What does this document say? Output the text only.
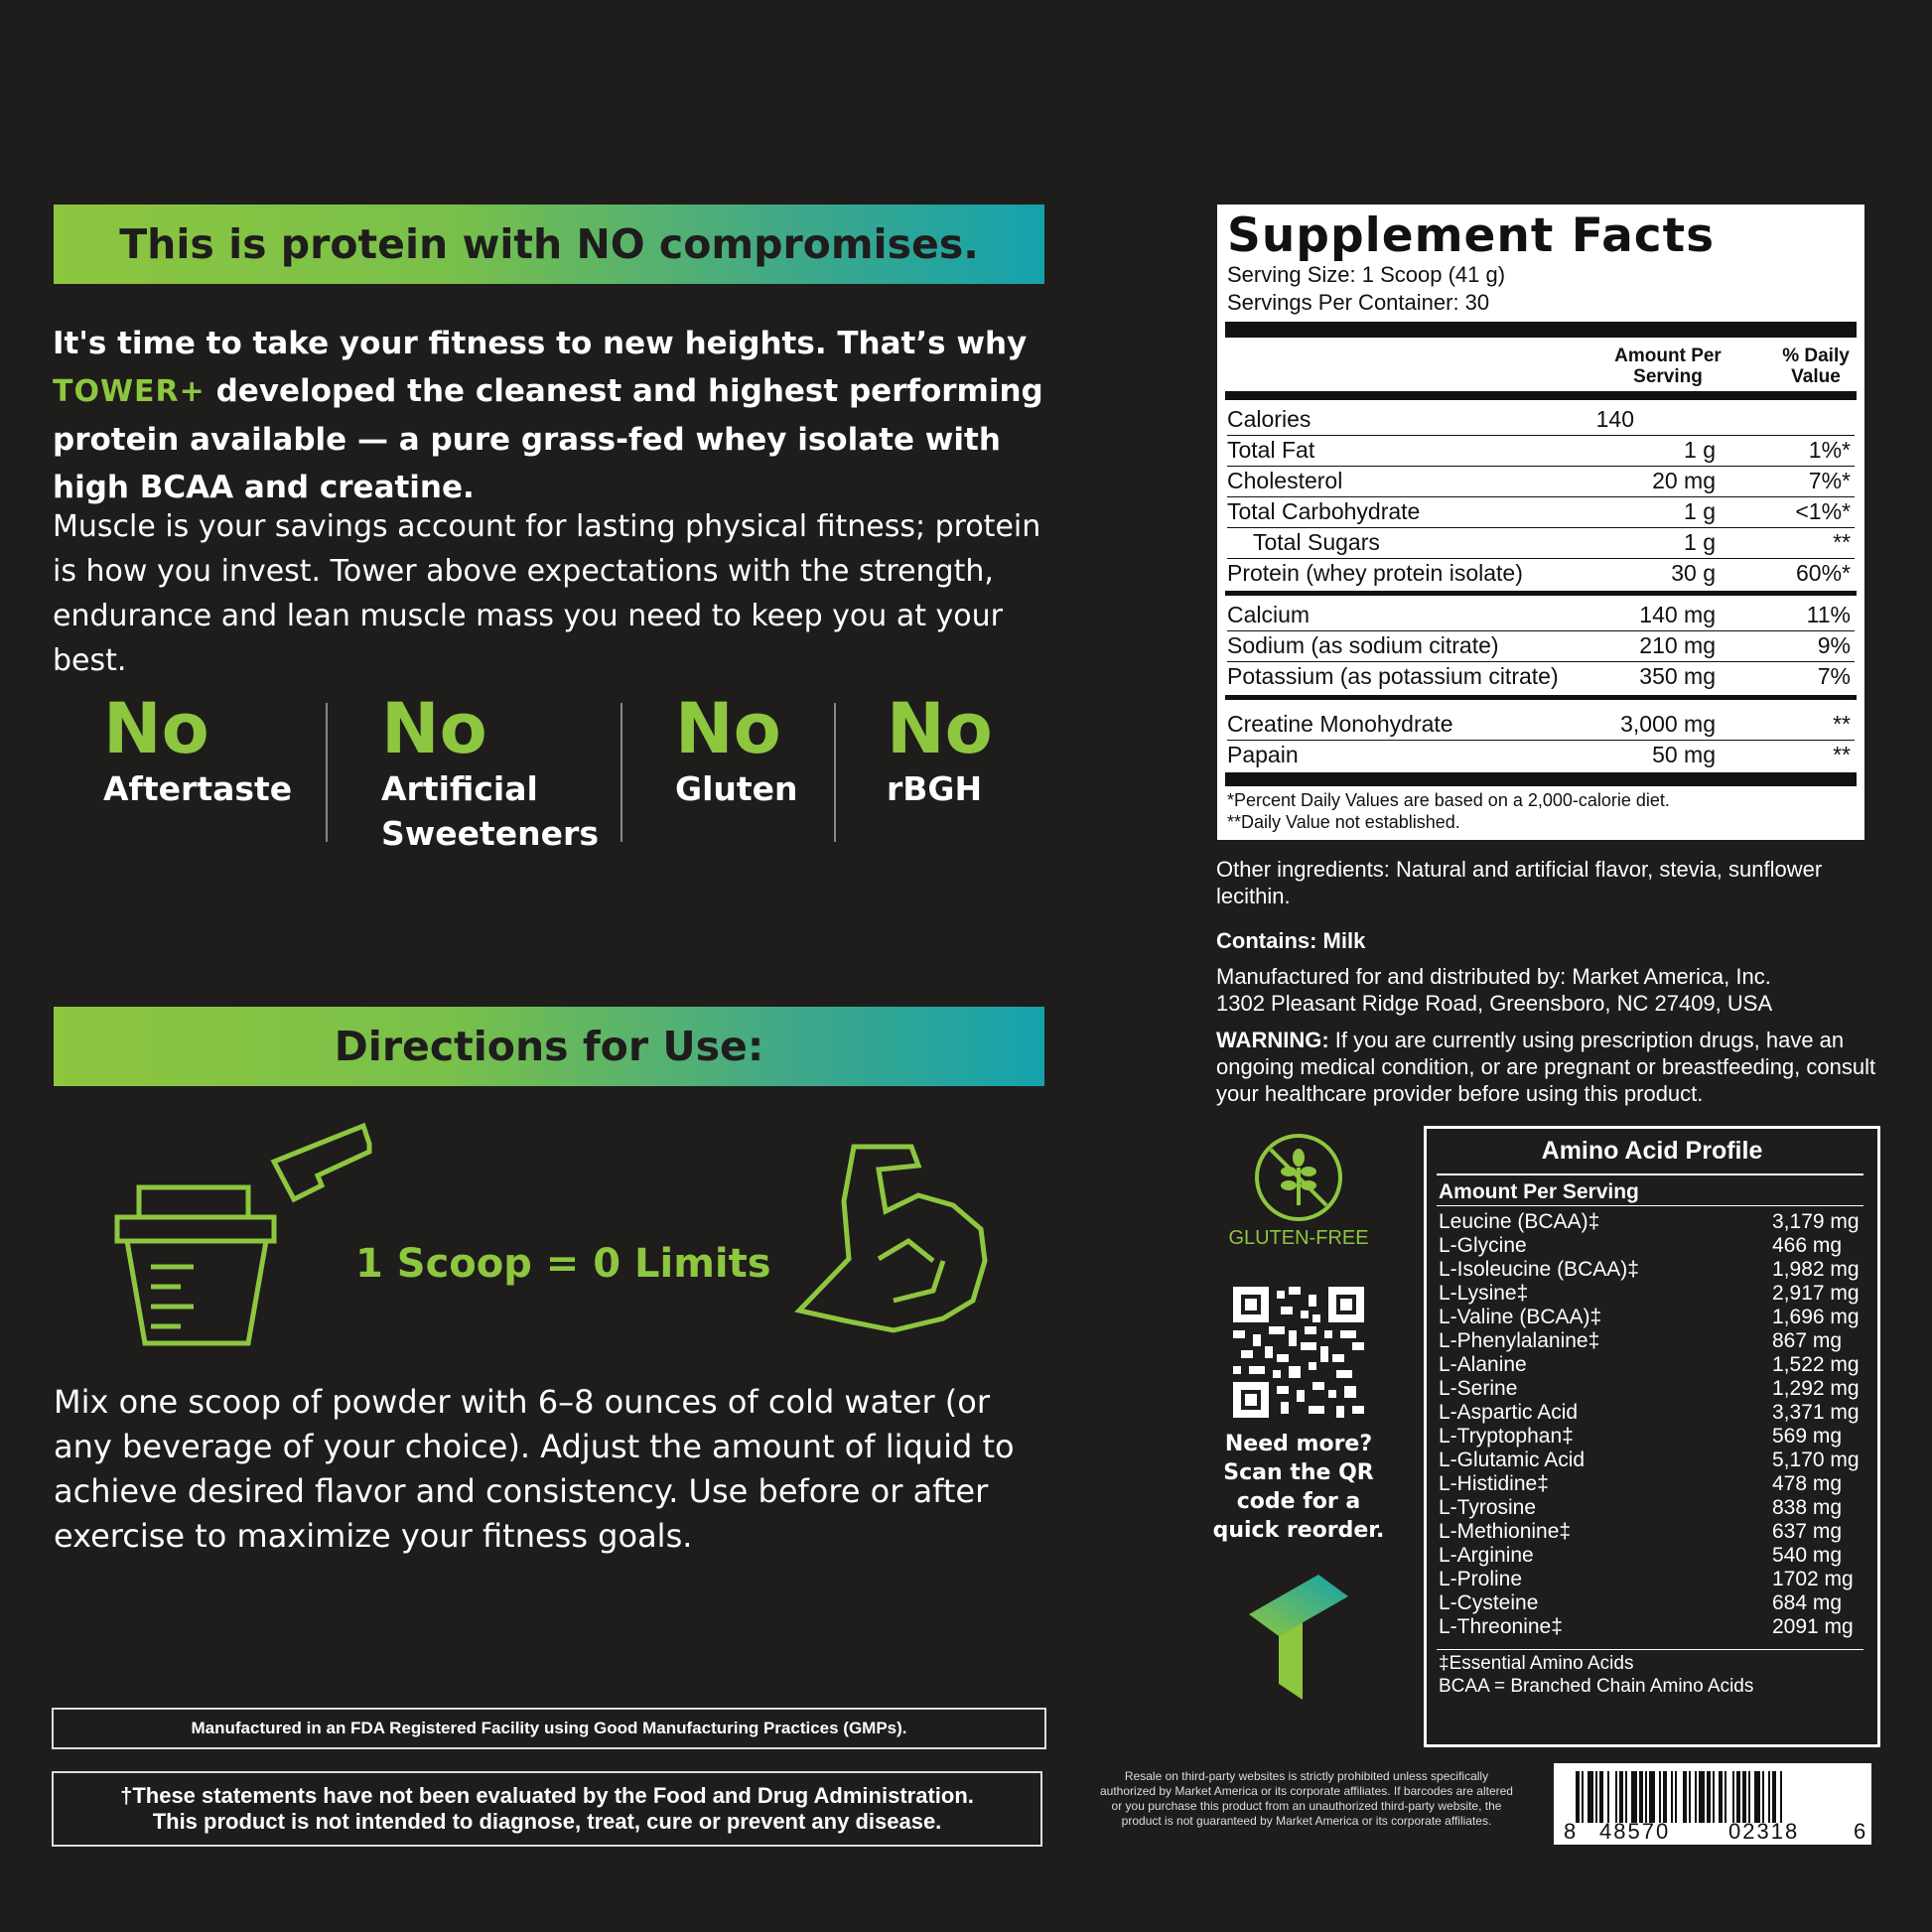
This is protein with NO compromises.
It's time to take your fitness to new heights. That’s why TOWER+ developed the cleanest and highest performing protein available — a pure grass-fed whey isolate with high BCAA and creatine.
Muscle is your savings account for lasting physical fitness; protein is how you invest. Tower above expectations with the strength, endurance and lean muscle mass you need to keep you at your best.
No
Aftertaste
No
Artificial Sweeteners
No
Gluten
No
rBGH
Directions for Use:
1 Scoop = 0 Limits
Mix one scoop of powder with 6–8 ounces of cold water (or any beverage of your choice). Adjust the amount of liquid to achieve desired flavor and consistency. Use before or after exercise to maximize your fitness goals.
Manufactured in an FDA Registered Facility using Good Manufacturing Practices (GMPs).
†These statements have not been evaluated by the Food and Drug Administration.
This product is not intended to diagnose, treat, cure or prevent any disease.
Supplement Facts
Serving Size: 1 Scoop (41 g)
Servings Per Container: 30
Amount Per Serving
% Daily Value
Calories	140
Total Fat	1 g	1%*
Cholesterol	20 mg	7%*
Total Carbohydrate	1 g	<1%*
Total Sugars	1 g	**
Protein (whey protein isolate)	30 g	60%*
Calcium	140 mg	11%
Sodium (as sodium citrate)	210 mg	9%
Potassium (as potassium citrate)	350 mg	7%
Creatine Monohydrate	3,000 mg	**
Papain	50 mg	**
*Percent Daily Values are based on a 2,000-calorie diet.
**Daily Value not established.
Other ingredients: Natural and artificial flavor, stevia, sunflower lecithin.
Contains: Milk
Manufactured for and distributed by: Market America, Inc.
1302 Pleasant Ridge Road, Greensboro, NC 27409, USA
WARNING: If you are currently using prescription drugs, have an ongoing medical condition, or are pregnant or breastfeeding, consult your healthcare provider before using this product.
GLUTEN-FREE
Need more? Scan the QR code for a quick reorder.
Amino Acid Profile
Amount Per Serving
Leucine (BCAA)‡	3,179 mg
L-Glycine	466 mg
L-Isoleucine (BCAA)‡	1,982 mg
L-Lysine‡	2,917 mg
L-Valine (BCAA)‡	1,696 mg
L-Phenylalanine‡	867 mg
L-Alanine	1,522 mg
L-Serine	1,292 mg
L-Aspartic Acid	3,371 mg
L-Tryptophan‡	569 mg
L-Glutamic Acid	5,170 mg
L-Histidine‡	478 mg
L-Tyrosine	838 mg
L-Methionine‡	637 mg
L-Arginine	540 mg
L-Proline	1702 mg
L-Cysteine	684 mg
L-Threonine‡	2091 mg
‡Essential Amino Acids
BCAA = Branched Chain Amino Acids
Resale on third-party websites is strictly prohibited unless specifically authorized by Market America or its corporate affiliates. If barcodes are altered or you purchase this product from an unauthorized third-party website, the product is not guaranteed by Market America or its corporate affiliates.	8 48570	02318 6
